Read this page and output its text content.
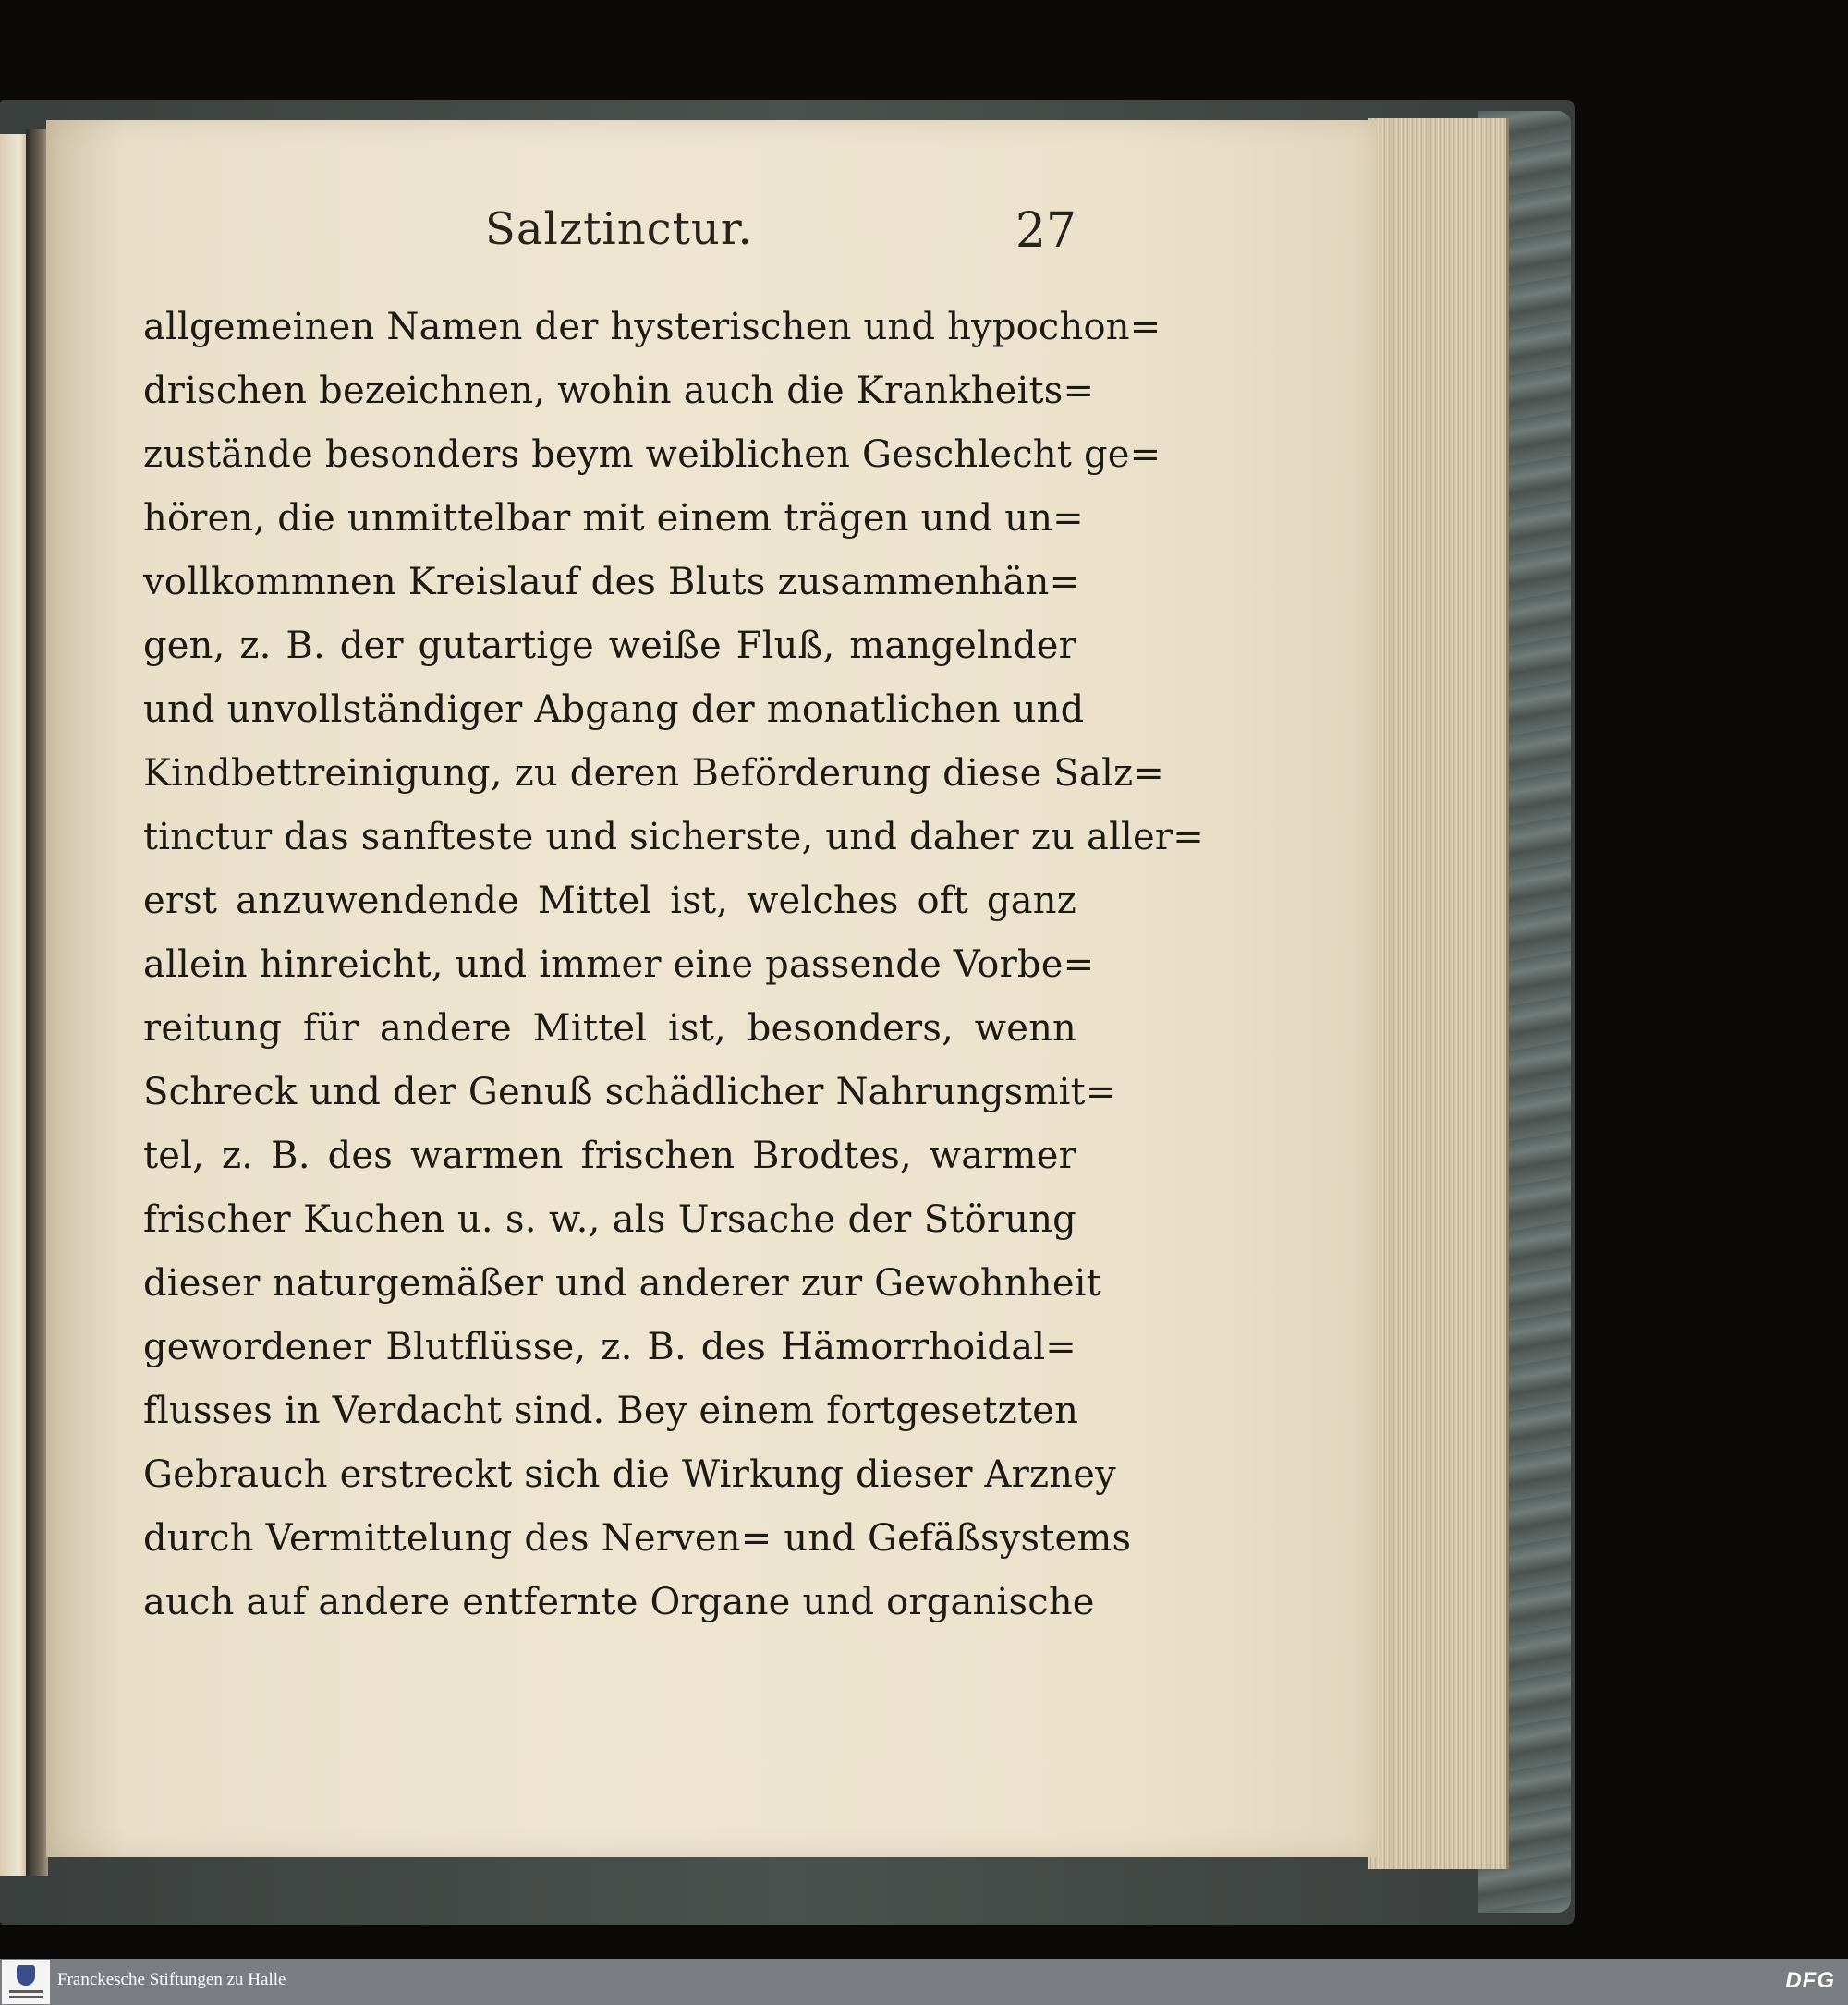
Salztinctur.	27
allgemeinen Namen der hysterischen und hypochon=
drischen bezeichnen, wohin auch die Krankheits=
zustände besonders beym weiblichen Geschlecht ge=
hören, die unmittelbar mit einem trägen und un=
vollkommnen Kreislauf des Bluts zusammenhän=
gen, z. B. der gutartige weiße Fluß, mangelnder
und unvollständiger Abgang der monatlichen und
Kindbettreinigung, zu deren Beförderung diese Salz=
tinctur das sanfteste und sicherste, und daher zu aller=
erst anzuwendende Mittel ist, welches oft ganz
allein hinreicht, und immer eine passende Vorbe=
reitung für andere Mittel ist, besonders, wenn
Schreck und der Genuß schädlicher Nahrungsmit=
tel, z. B. des warmen frischen Brodtes, warmer
frischer Kuchen u. s. w., als Ursache der Störung
dieser naturgemäßer und anderer zur Gewohnheit
gewordener Blutflüsse, z. B. des Hämorrhoidal=
flusses in Verdacht sind. Bey einem fortgesetzten
Gebrauch erstreckt sich die Wirkung dieser Arzney
durch Vermittelung des Nerven= und Gefäßsystems
auch auf andere entfernte Organe und organische
Franckesche Stiftungen zu Halle	DFG
